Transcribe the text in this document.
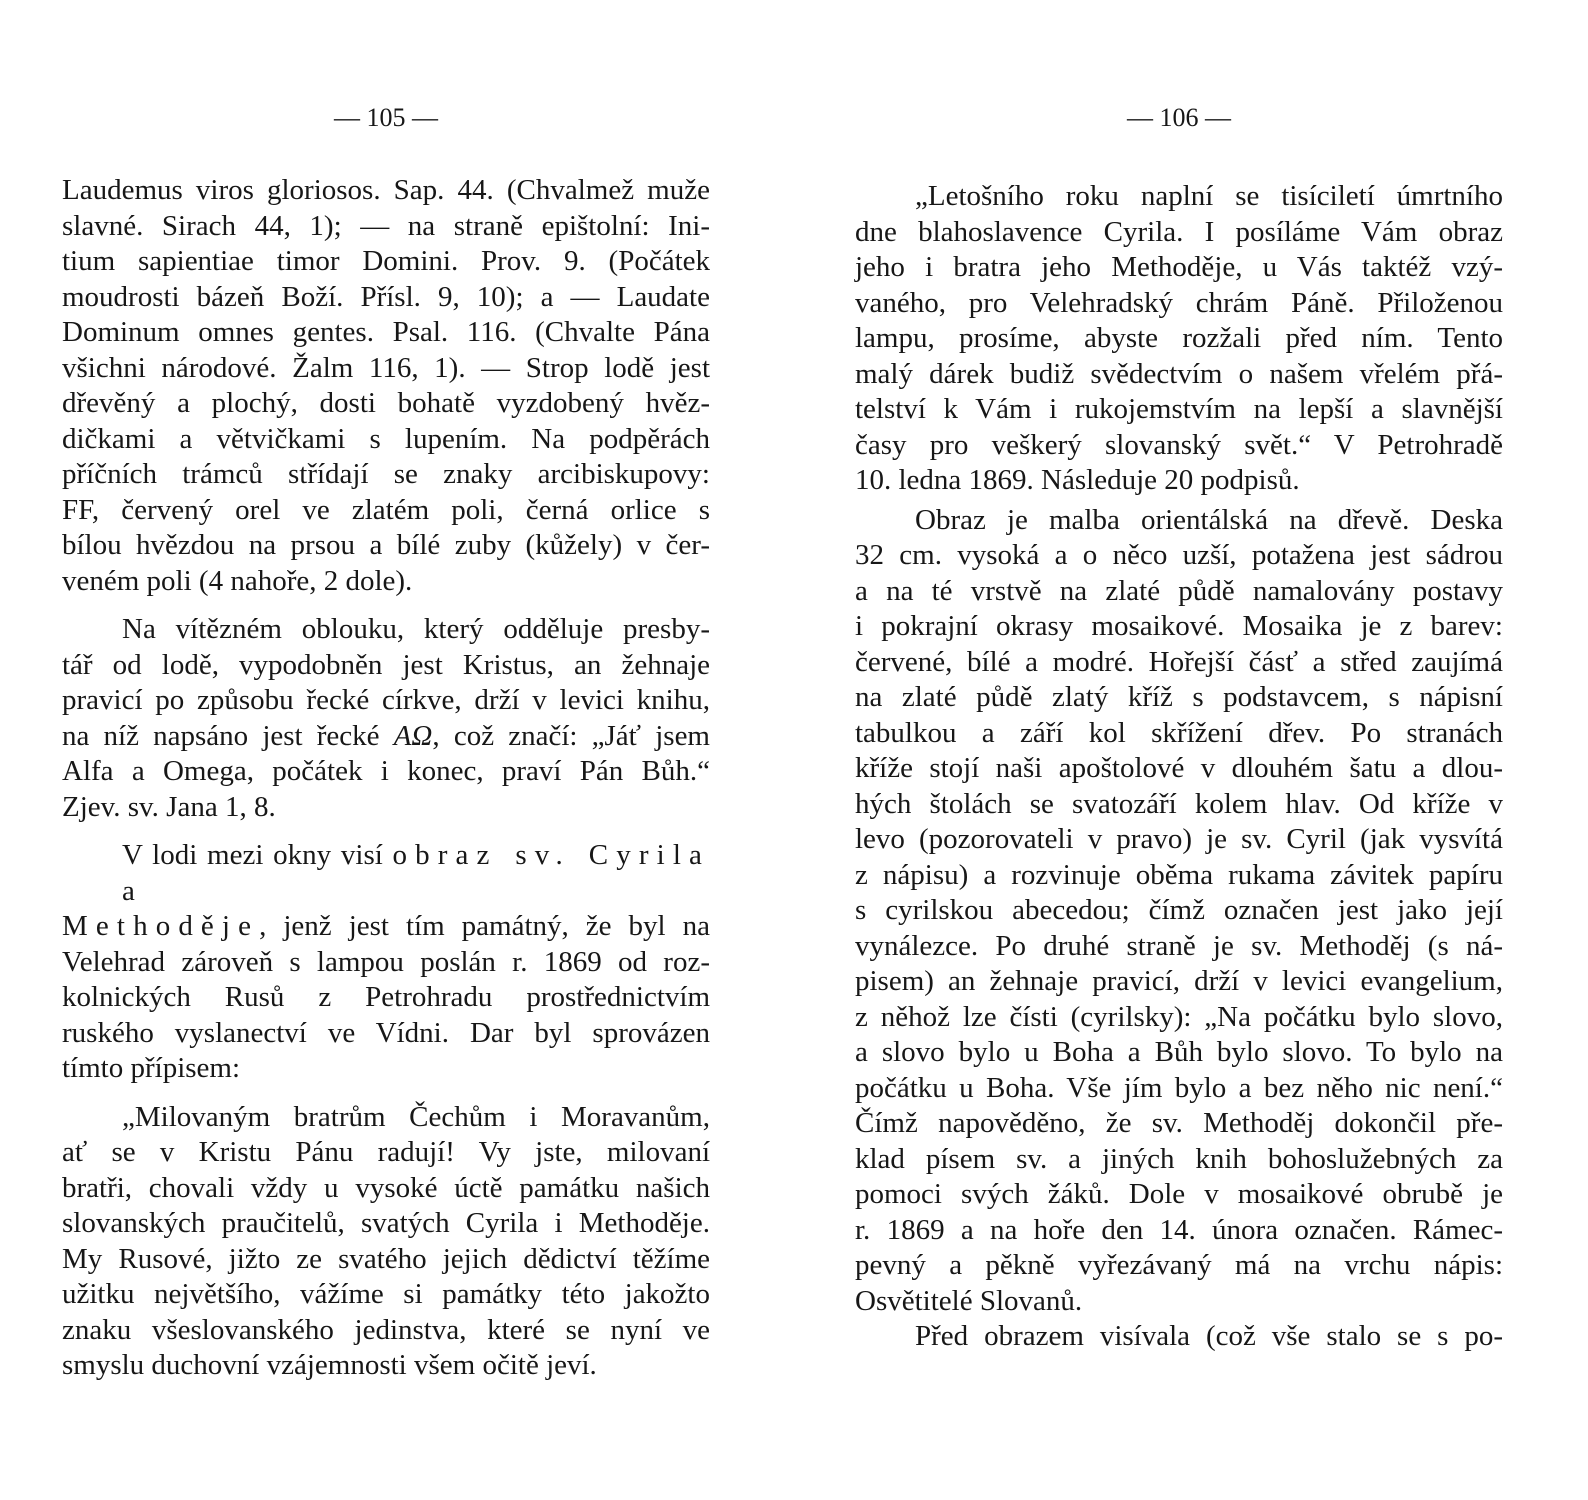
— 105 —
Laudemus viros gloriosos. Sap. 44. (Chvalmež muže
slavné. Sirach 44, 1); — na straně epištolní: Ini-
tium sapientiae timor Domini. Prov. 9. (Počátek
moudrosti bázeň Boží. Přísl. 9, 10); a — Laudate
Dominum omnes gentes. Psal. 116. (Chvalte Pána
všichni národové. Žalm 116, 1). — Strop lodě jest
dřevěný a plochý, dosti bohatě vyzdobený hvěz-
dičkami a větvičkami s lupením. Na podpěrách
příčních trámců střídají se znaky arcibiskupovy:
FF, červený orel ve zlatém poli, černá orlice s
bílou hvězdou na prsou a bílé zuby (kůžely) v čer-
veném poli (4 nahoře, 2 dole).
Na vítězném oblouku, který odděluje presby-
tář od lodě, vypodobněn jest Kristus, an žehnaje
pravicí po způsobu řecké církve, drží v levici knihu,
na níž napsáno jest řecké AΩ, což značí: „Jáť jsem
Alfa a Omega, počátek i konec, praví Pán Bůh.“
Zjev. sv. Jana 1, 8.
V lodi mezi okny visí obraz sv. Cyrila a
Methoděje, jenž jest tím památný, že byl na
Velehrad zároveň s lampou poslán r. 1869 od roz-
kolnických Rusů z Petrohradu prostřednictvím
ruského vyslanectví ve Vídni. Dar byl sprovázen
tímto přípisem:
„Milovaným bratrům Čechům i Moravanům,
ať se v Kristu Pánu radují! Vy jste, milovaní
bratři, chovali vždy u vysoké úctě památku našich
slovanských praučitelů, svatých Cyrila i Methoděje.
My Rusové, jižto ze svatého jejich dědictví těžíme
užitku největšího, vážíme si památky této jakožto
znaku všeslovanského jedinstva, které se nyní ve
smyslu duchovní vzájemnosti všem očitě jeví.
— 106 —
„Letošního roku naplní se tisíciletí úmrtního
dne blahoslavence Cyrila. I posíláme Vám obraz
jeho i bratra jeho Methoděje, u Vás taktéž vzý-
vaného, pro Velehradský chrám Páně. Přiloženou
lampu, prosíme, abyste rozžali před ním. Tento
malý dárek budiž svědectvím o našem vřelém přá-
telství k Vám i rukojemstvím na lepší a slavnější
časy pro veškerý slovanský svět.“ V Petrohradě
10. ledna 1869. Následuje 20 podpisů.
Obraz je malba orientálská na dřevě. Deska
32 cm. vysoká a o něco uzší, potažena jest sádrou
a na té vrstvě na zlaté půdě namalovány postavy
i pokrajní okrasy mosaikové. Mosaika je z barev:
červené, bílé a modré. Hořejší čásť a střed zaujímá
na zlaté půdě zlatý kříž s podstavcem, s nápisní
tabulkou a září kol skřížení dřev. Po stranách
kříže stojí naši apoštolové v dlouhém šatu a dlou-
hých štolách se svatozáří kolem hlav. Od kříže v
levo (pozorovateli v pravo) je sv. Cyril (jak vysvítá
z nápisu) a rozvinuje oběma rukama závitek papíru
s cyrilskou abecedou; čímž označen jest jako její
vynálezce. Po druhé straně je sv. Methoděj (s ná-
pisem) an žehnaje pravicí, drží v levici evangelium,
z něhož lze čísti (cyrilsky): „Na počátku bylo slovo,
a slovo bylo u Boha a Bůh bylo slovo. To bylo na
počátku u Boha. Vše jím bylo a bez něho nic není.“
Čímž napověděno, že sv. Methoděj dokončil pře-
klad písem sv. a jiných knih bohoslužebných za
pomoci svých žáků. Dole v mosaikové obrubě je
r. 1869 a na hoře den 14. února označen. Rámec-
pevný a pěkně vyřezávaný má na vrchu nápis:
Osvětitelé Slovanů.
Před obrazem visívala (což vše stalo se s po-
